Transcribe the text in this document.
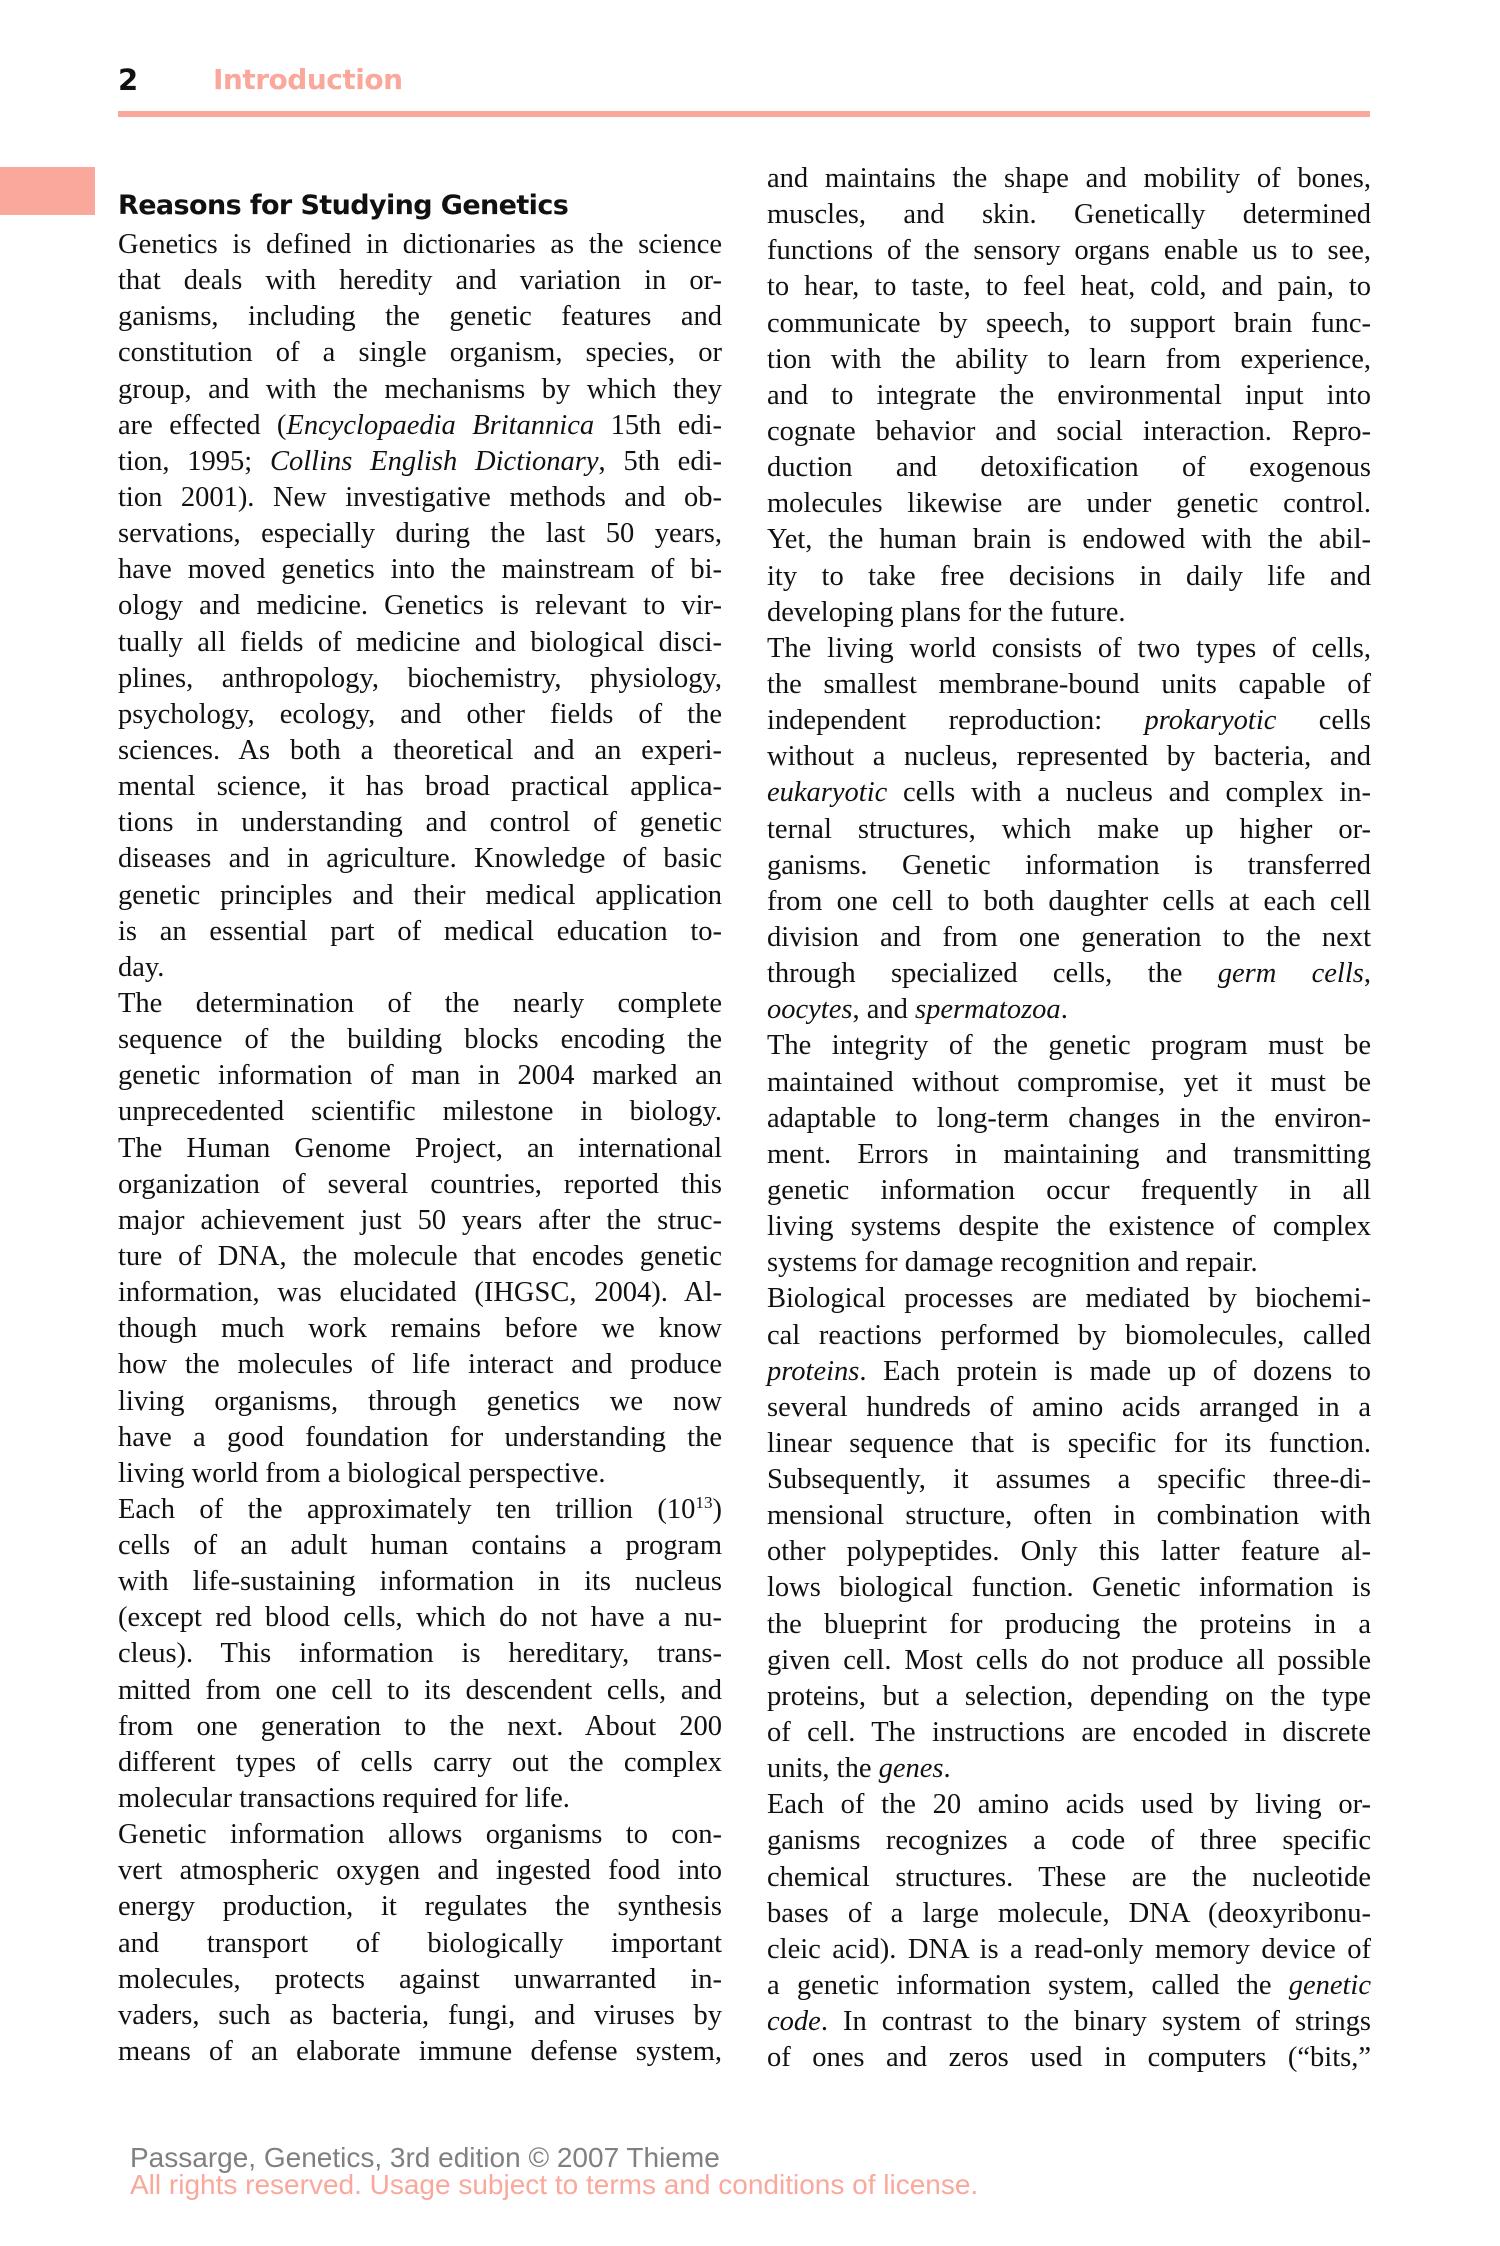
2	Introduction
Reasons for Studying Genetics
Genetics is defined in dictionaries as the science
that deals with heredity and variation in or-
ganisms, including the genetic features and
constitution of a single organism, species, or
group, and with the mechanisms by which they
are effected (Encyclopaedia Britannica 15th edi-
tion, 1995; Collins English Dictionary, 5th edi-
tion 2001). New investigative methods and ob-
servations, especially during the last 50 years,
have moved genetics into the mainstream of bi-
ology and medicine. Genetics is relevant to vir-
tually all fields of medicine and biological disci-
plines, anthropology, biochemistry, physiology,
psychology, ecology, and other fields of the
sciences. As both a theoretical and an experi-
mental science, it has broad practical applica-
tions in understanding and control of genetic
diseases and in agriculture. Knowledge of basic
genetic principles and their medical application
is an essential part of medical education to-
day.
The determination of the nearly complete
sequence of the building blocks encoding the
genetic information of man in 2004 marked an
unprecedented scientific milestone in biology.
The Human Genome Project, an international
organization of several countries, reported this
major achievement just 50 years after the struc-
ture of DNA, the molecule that encodes genetic
information, was elucidated (IHGSC, 2004). Al-
though much work remains before we know
how the molecules of life interact and produce
living organisms, through genetics we now
have a good foundation for understanding the
living world from a biological perspective.
Each of the approximately ten trillion $(10^{13})$
cells of an adult human contains a program
with life-sustaining information in its nucleus
(except red blood cells, which do not have a nu-
cleus). This information is hereditary, trans-
mitted from one cell to its descendent cells, and
from one generation to the next. About 200
different types of cells carry out the complex
molecular transactions required for life.
Genetic information allows organisms to con-
vert atmospheric oxygen and ingested food into
energy production, it regulates the synthesis
and transport of biologically important
molecules, protects against unwarranted in-
vaders, such as bacteria, fungi, and viruses by
means of an elaborate immune defense system,
and maintains the shape and mobility of bones,
muscles, and skin. Genetically determined
functions of the sensory organs enable us to see,
to hear, to taste, to feel heat, cold, and pain, to
communicate by speech, to support brain func-
tion with the ability to learn from experience,
and to integrate the environmental input into
cognate behavior and social interaction. Repro-
duction and detoxification of exogenous
molecules likewise are under genetic control.
Yet, the human brain is endowed with the abil-
ity to take free decisions in daily life and
developing plans for the future.
The living world consists of two types of cells,
the smallest membrane-bound units capable of
independent reproduction: prokaryotic cells
without a nucleus, represented by bacteria, and
eukaryotic cells with a nucleus and complex in-
ternal structures, which make up higher or-
ganisms. Genetic information is transferred
from one cell to both daughter cells at each cell
division and from one generation to the next
through specialized cells, the germ cells,
oocytes, and spermatozoa.
The integrity of the genetic program must be
maintained without compromise, yet it must be
adaptable to long-term changes in the environ-
ment. Errors in maintaining and transmitting
genetic information occur frequently in all
living systems despite the existence of complex
systems for damage recognition and repair.
Biological processes are mediated by biochemi-
cal reactions performed by biomolecules, called
proteins. Each protein is made up of dozens to
several hundreds of amino acids arranged in a
linear sequence that is specific for its function.
Subsequently, it assumes a specific three-di-
mensional structure, often in combination with
other polypeptides. Only this latter feature al-
lows biological function. Genetic information is
the blueprint for producing the proteins in a
given cell. Most cells do not produce all possible
proteins, but a selection, depending on the type
of cell. The instructions are encoded in discrete
units, the genes.
Each of the 20 amino acids used by living or-
ganisms recognizes a code of three specific
chemical structures. These are the nucleotide
bases of a large molecule, DNA (deoxyribonu-
cleic acid). DNA is a read-only memory device of
a genetic information system, called the genetic
code. In contrast to the binary system of strings
of ones and zeros used in computers (“bits,”
Passarge, Genetics, 3rd edition © 2007 Thieme
All rights reserved. Usage subject to terms and conditions of license.
